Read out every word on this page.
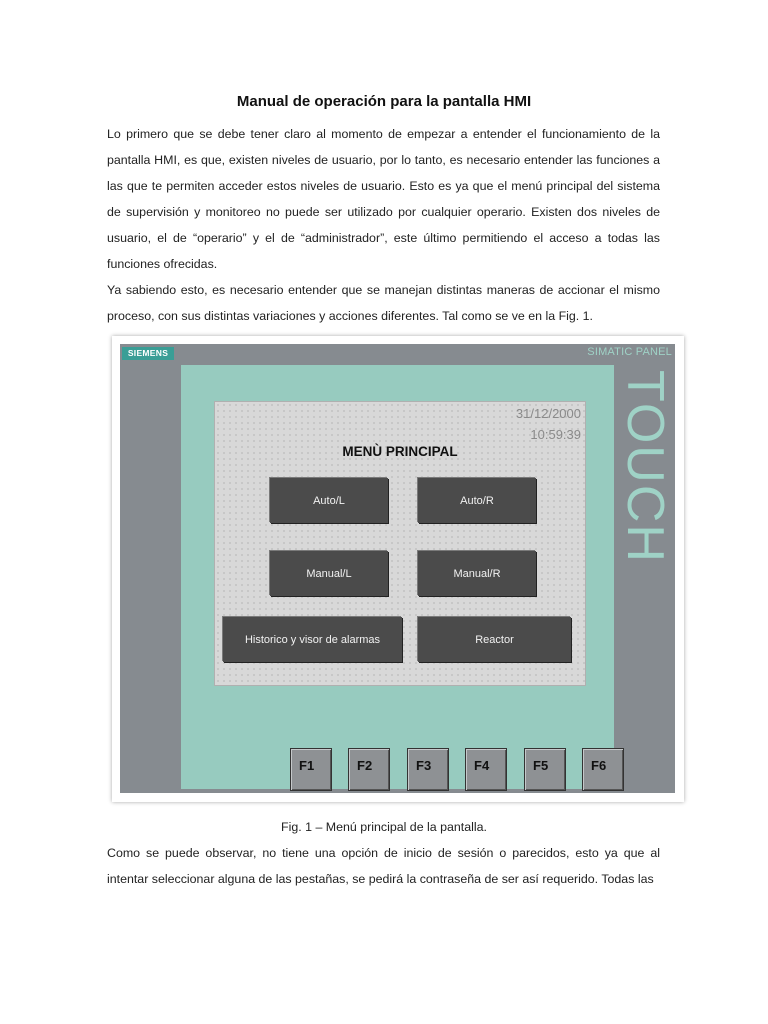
Manual de operación para la pantalla HMI
Lo primero que se debe tener claro al momento de empezar a entender el funcionamiento de la pantalla HMI, es que, existen niveles de usuario, por lo tanto, es necesario entender las funciones a las que te permiten acceder estos niveles de usuario. Esto es ya que el menú principal del sistema de supervisión y monitoreo no puede ser utilizado por cualquier operario. Existen dos niveles de usuario, el de “operario” y el de “administrador”, este último permitiendo el acceso a todas las funciones ofrecidas.
Ya sabiendo esto, es necesario entender que se manejan distintas maneras de accionar el mismo proceso, con sus distintas variaciones y acciones diferentes. Tal como se ve en la Fig. 1.
SIEMENS	SIMATIC PANEL
TOUCH
31/12/2000
10:59:39
MENÙ PRINCIPAL
Auto/L	Auto/R
Manual/L	Manual/R
Historico y visor de alarmas	Reactor
F1	F2	F3	F4	F5	F6
Fig. 1 – Menú principal de la pantalla.
Como se puede observar, no tiene una opción de inicio de sesión o parecidos, esto ya que al intentar seleccionar alguna de las pestañas, se pedirá la contraseña de ser así requerido. Todas las
